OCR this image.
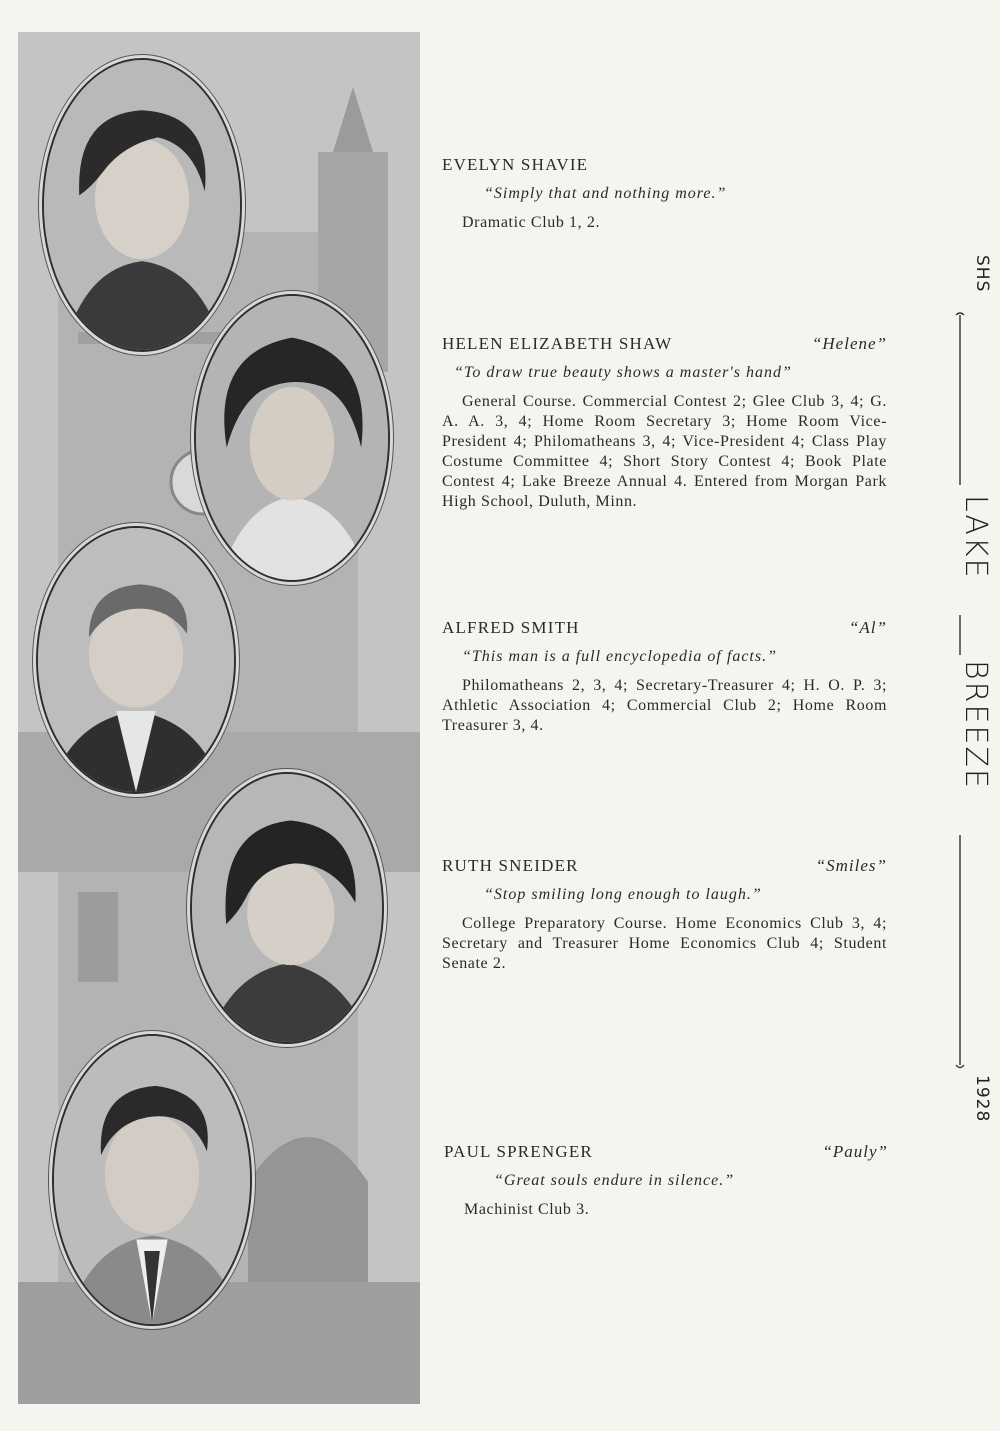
EVELYN SHAVIE
“Simply that and nothing more.”
Dramatic Club 1, 2.
HELEN ELIZABETH SHAW	“Helene”
“To draw true beauty shows a master's hand”
General Course. Commercial Contest 2; Glee Club 3, 4; G. A. A. 3, 4; Home Room Secretary 3; Home Room Vice-President 4; Philomatheans 3, 4; Vice-President 4; Class Play Costume Committee 4; Short Story Contest 4; Book Plate Contest 4; Lake Breeze Annual 4. Entered from Morgan Park High School, Duluth, Minn.
ALFRED SMITH	“Al”
“This man is a full encyclopedia of facts.”
Philomatheans 2, 3, 4; Secretary-Treasurer 4; H. O. P. 3; Athletic Association 4; Commercial Club 2; Home Room Treasurer 3, 4.
RUTH SNEIDER	“Smiles”
“Stop smiling long enough to laugh.”
College Preparatory Course. Home Economics Club 3, 4; Secretary and Treasurer Home Economics Club 4; Student Senate 2.
PAUL SPRENGER	“Pauly”
“Great souls endure in silence.”
Machinist Club 3.
SHS
LAKE
BREEZE
1928
